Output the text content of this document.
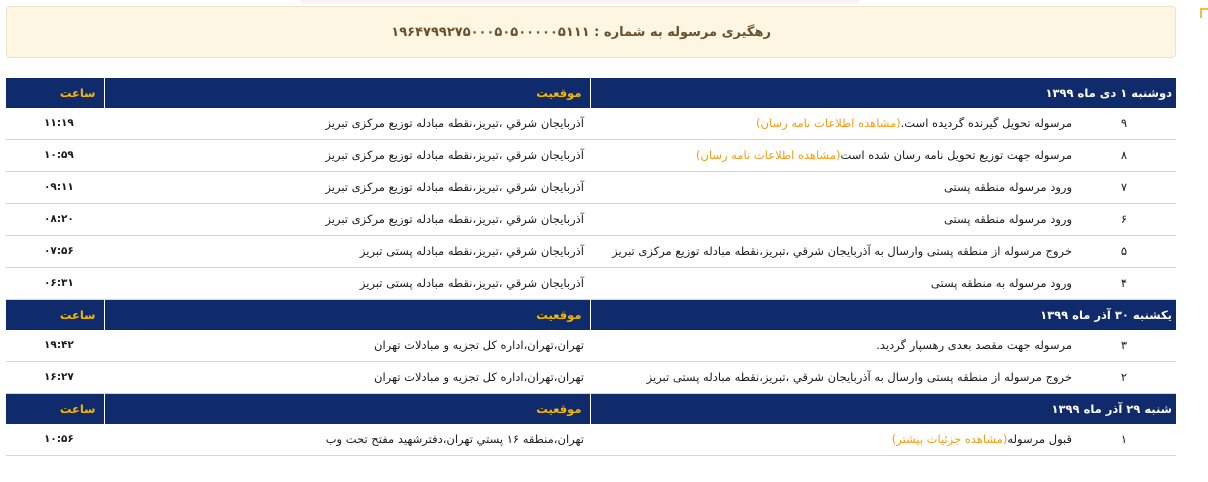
رهگیری مرسوله به شماره : ۱۹۶۴۷۹۹۲۷۵۰۰۰۵۰۵۰۰۰۰۰۵۱۱۱
دوشنبه ۱ دی ماه ۱۳۹۹		موقعیت	ساعت
۹	مرسوله تحویل گیرنده گردیده است.(مشاهده اطلاعات نامه رسان)	آذربايجان شرقي ،تبریز،نقطه مبادله توزیع مرکزی تبریز	۱۱:۱۹
۸	مرسوله جهت توزیع تحویل نامه رسان شده است(مشاهده اطلاعات نامه رسان)	آذربايجان شرقي ،تبریز،نقطه مبادله توزیع مرکزی تبریز	۱۰:۵۹
۷	ورود مرسوله منطقه پستی	آذربايجان شرقي ،تبریز،نقطه مبادله توزیع مرکزی تبریز	۰۹:۱۱
۶	ورود مرسوله منطقه پستی	آذربايجان شرقي ،تبریز،نقطه مبادله توزیع مرکزی تبریز	۰۸:۲۰
۵	خروج مرسوله از منطقه پستی وارسال به آذربايجان شرقي ،تبریز،نقطه مبادله توزیع مرکزی تبریز	آذربايجان شرقي ،تبریز،نقطه مبادله پستی تبریز	۰۷:۵۶
۴	ورود مرسوله به منطقه پستی	آذربايجان شرقي ،تبریز،نقطه مبادله پستی تبریز	۰۶:۳۱
یکشنبه ۳۰ آذر ماه ۱۳۹۹		موقعیت	ساعت
۳	مرسوله جهت مقصد بعدی رهسپار گردید.	تهران،تهران،اداره کل تجزیه و مبادلات تهران	۱۹:۴۲
۲	خروج مرسوله از منطقه پستی وارسال به آذربايجان شرقي ،تبریز،نقطه مبادله پستی تبریز	تهران،تهران،اداره کل تجزیه و مبادلات تهران	۱۶:۲۷
شنبه ۲۹ آذر ماه ۱۳۹۹		موقعیت	ساعت
۱	قبول مرسوله(مشاهده جزئیات بیشتر)	تهران،منطقه ۱۶ پستي تهران،دفترشهید مفتح تحت وب	۱۰:۵۶
